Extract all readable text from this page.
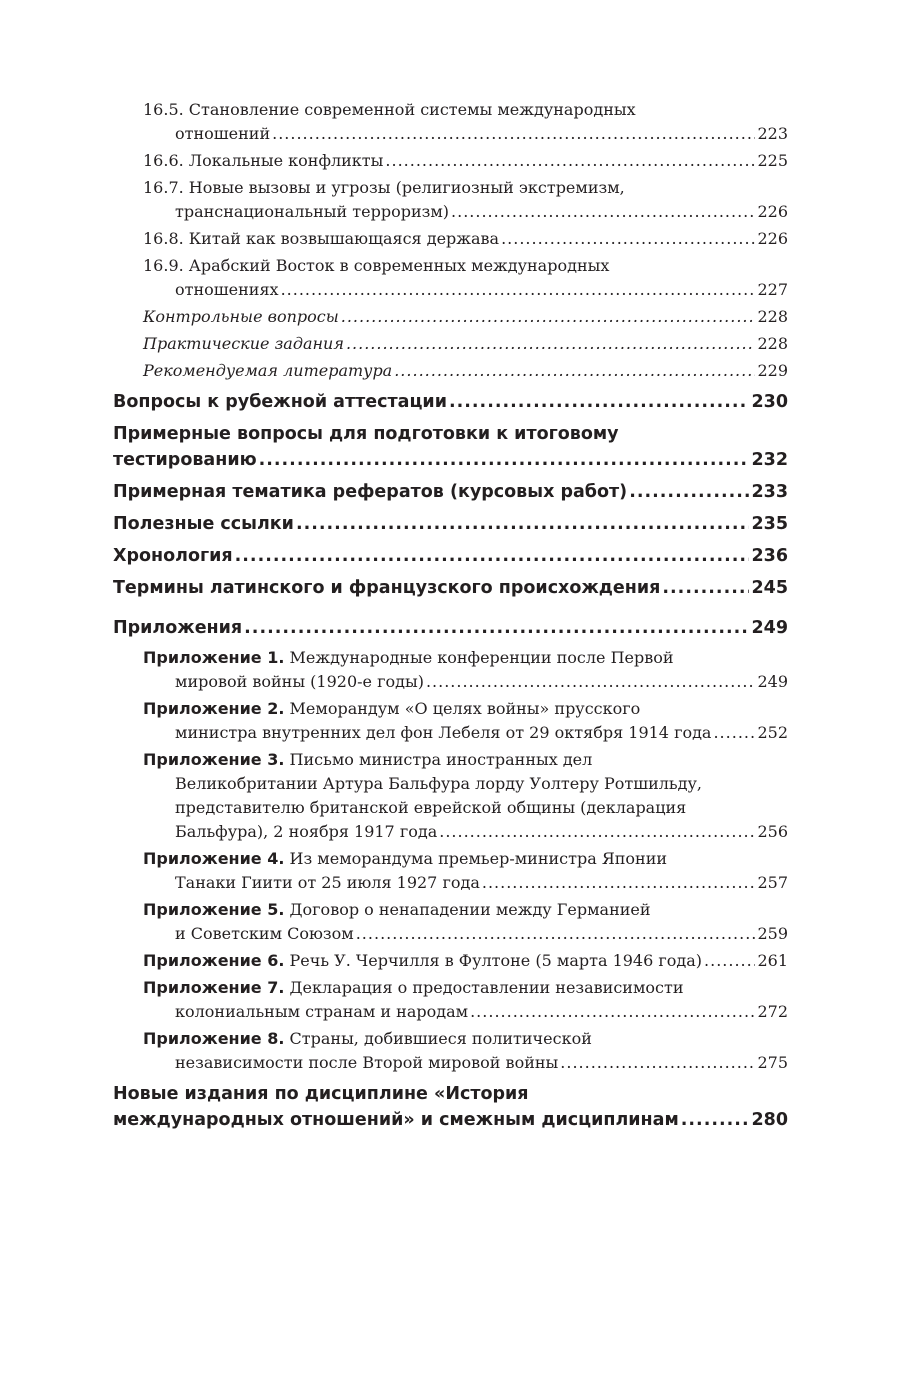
16.5. Становление современной системы международных
отношений .....	223
16.6. Локальные конфликты .....	225
16.7. Новые вызовы и угрозы (религиозный экстремизм,
транснациональный терроризм) .....	226
16.8. Китай как возвышающаяся держава .....	226
16.9. Арабский Восток в современных международных
отношениях .....	227
Контрольные вопросы .....	228
Практические задания .....	228
Рекомендуемая литература .....	229
Вопросы к рубежной аттестации .....	230
Примерные вопросы для подготовки к итоговому
тестированию .....	232
Примерная тематика рефератов (курсовых работ) .....	233
Полезные ссылки .....	235
Хронология .....	236
Термины латинского и французского происхождения .....	245
Приложения .....	249
Приложение 1. Международные конференции после Первой
мировой войны (1920-е годы) .....	249
Приложение 2. Меморандум «О целях войны» прусского
министра внутренних дел фон Лебеля от 29 октября 1914 года .....	252
Приложение 3. Письмо министра иностранных дел
Великобритании Артура Бальфура лорду Уолтеру Ротшильду,
представителю британской еврейской общины (декларация
Бальфура), 2 ноября 1917 года .....	256
Приложение 4. Из меморандума премьер-министра Японии
Танаки Гиити от 25 июля 1927 года .....	257
Приложение 5. Договор о ненападении между Германией
и Советским Союзом .....	259
Приложение 6. Речь У. Черчилля в Фултоне (5 марта 1946 года) .....	261
Приложение 7. Декларация о предоставлении независимости
колониальным странам и народам .....	272
Приложение 8. Страны, добившиеся политической
независимости после Второй мировой войны .....	275
Новые издания по дисциплине «История
международных отношений» и смежным дисциплинам .....	280
